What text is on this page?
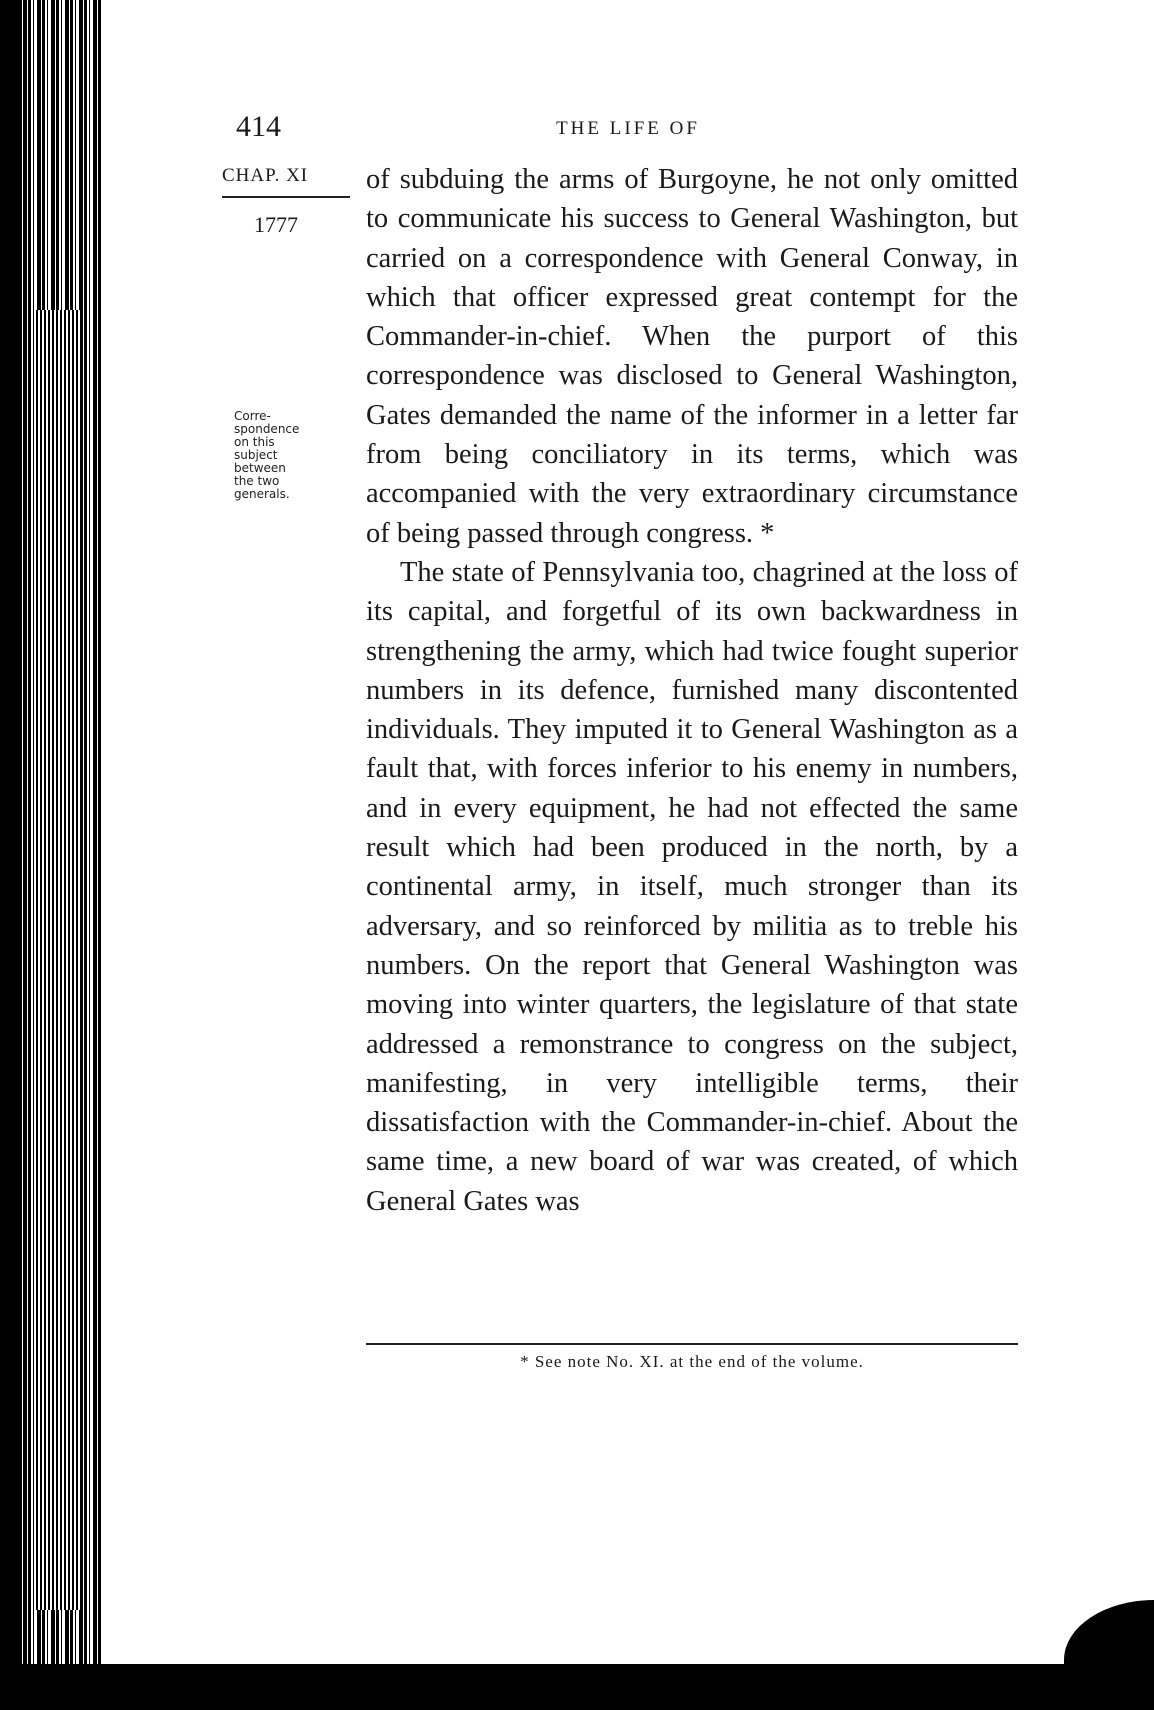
414	THE LIFE OF
CHAP. XI
1777
Corre-
spondence
on this
subject
between
the two
generals.

of subduing the arms of Burgoyne, he not only omitted to communicate his success to General Washington, but carried on a correspondence with General Conway, in which that officer expressed great contempt for the Commander-in-chief. When the purport of this correspondence was disclosed to General Washington, Gates demanded the name of the informer in a letter far from being conciliatory in its terms, which was accompanied with the very extraordinary circumstance of being passed through congress. *

The state of Pennsylvania too, chagrined at the loss of its capital, and forgetful of its own backwardness in strengthening the army, which had twice fought superior numbers in its defence, furnished many discontented individuals. They imputed it to General Washington as a fault that, with forces inferior to his enemy in numbers, and in every equipment, he had not effected the same result which had been produced in the north, by a continental army, in itself, much stronger than its adversary, and so reinforced by militia as to treble his numbers. On the report that General Washington was moving into winter quarters, the legislature of that state addressed a remonstrance to congress on the subject, manifesting, in very intelligible terms, their dissatisfaction with the Commander-in-chief. About the same time, a new board of war was created, of which General Gates was

* See note No. XI. at the end of the volume.
